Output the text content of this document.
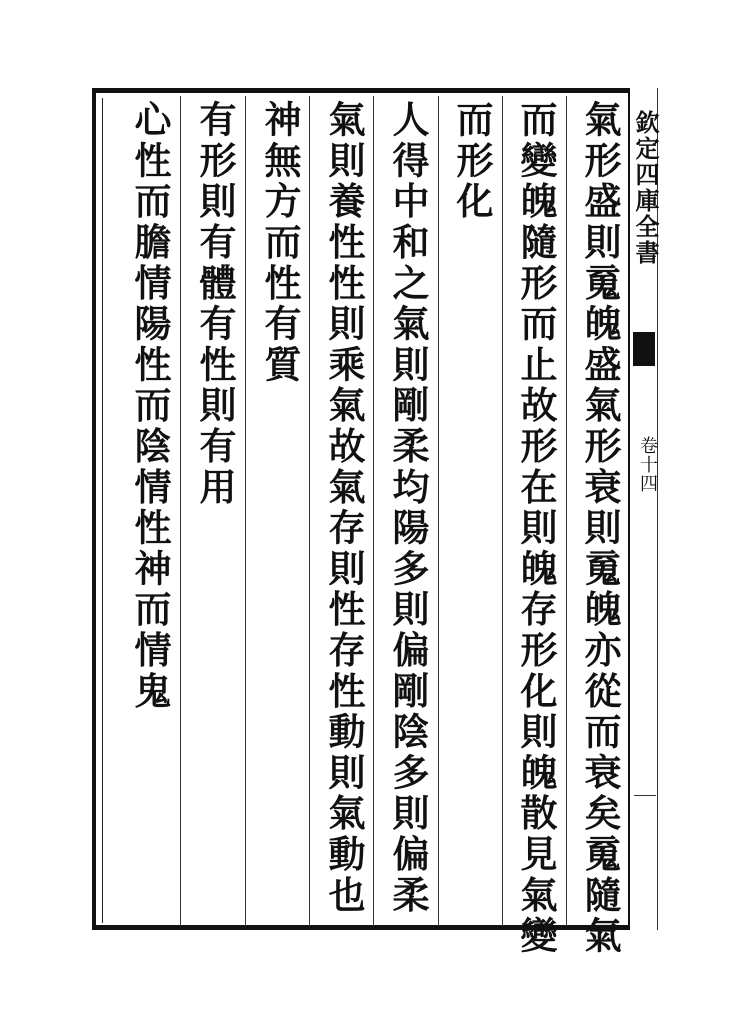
欽定四庫全書
卷十四
氣形盛則䰟魄盛氣形衰則䰟魄亦從而衰矣䰟隨氣
而變魄隨形而止故形在則魄存形化則魄散見氣變
而形化
人得中和之氣則剛柔均陽多則偏剛陰多則偏柔
氣則養性性則乘氣故氣存則性存性動則氣動也
神無方而性有質
有形則有體有性則有用
心性而膽情陽性而陰情性神而情鬼
